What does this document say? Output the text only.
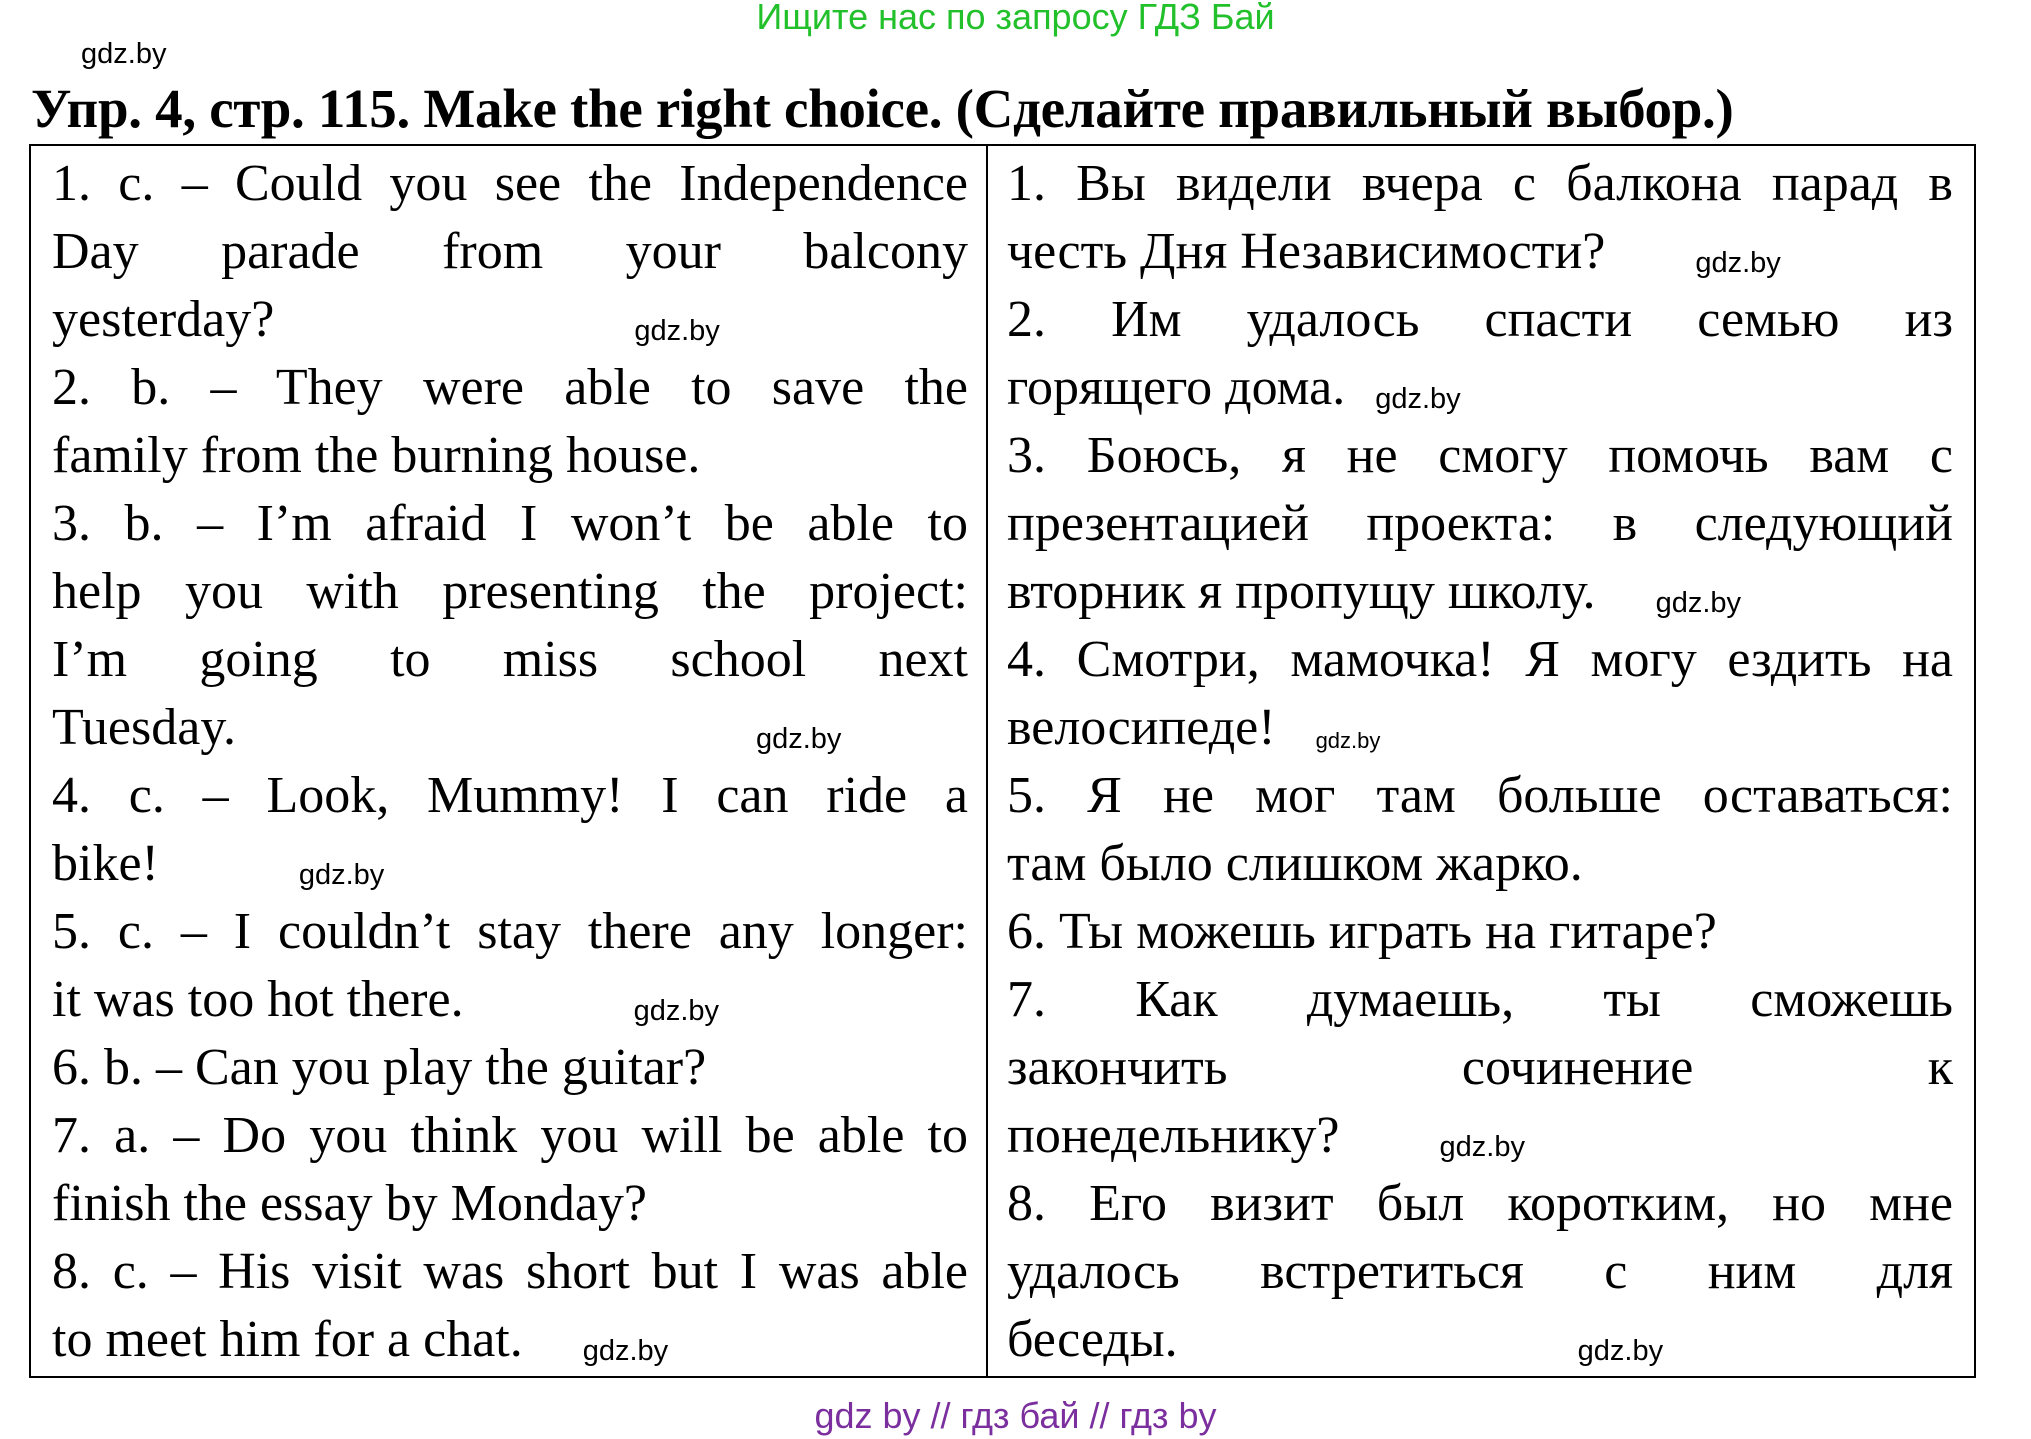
Ищите нас по запросу ГДЗ Бай
gdz.by
Упр. 4, стр. 115. Make the right choice. (Сделайте правильный выбор.)
1. c. – Could you see the Independence
Day parade from your balcony
yesterday?	gdz.by
2. b. – They were able to save the
family from the burning house.
3. b. – I’m afraid I won’t be able to
help you with presenting the project:
I’m going to miss school next
Tuesday.	gdz.by
4. c. – Look, Mummy! I can ride a
bike!	gdz.by
5. c. – I couldn’t stay there any longer:
it was too hot there.	gdz.by
6. b. – Can you play the guitar?
7. a. – Do you think you will be able to
finish the essay by Monday?
8. c. – His visit was short but I was able
to meet him for a chat. gdz.by
1. Вы видели вчера с балкона парад в
честь Дня Независимости?	gdz.by
2. Им удалось спасти семью из
горящего дома. gdz.by
3. Боюсь, я не смогу помочь вам с
презентацией проекта: в следующий
вторник я пропущу школу. gdz.by
4. Смотри, мамочка! Я могу ездить на
велосипеде! gdz.by
5. Я не мог там больше оставаться:
там было слишком жарко.
6. Ты можешь играть на гитаре?
7. Как думаешь, ты сможешь
закончить сочинение к
понедельнику?	gdz.by
8. Его визит был коротким, но мне
удалось встретиться с ним для
беседы.	gdz.by
gdz by // гдз бай // гдз by
